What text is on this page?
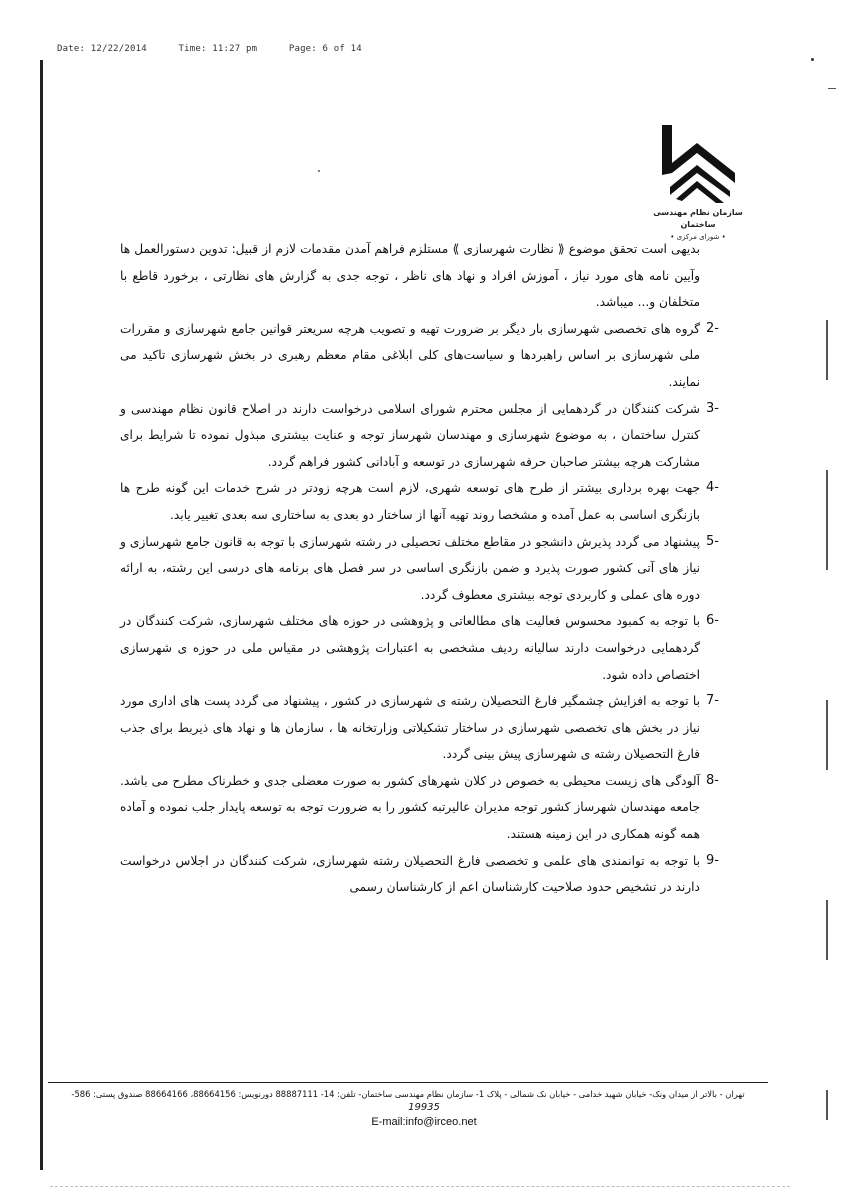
Date: 12/22/2014	Time: 11:27 pm	Page: 6 of 14
سازمان نظام مهندسی ساختمان
• شورای مرکزی •

بدیهی است تحقق موضوع ⟪ نظارت شهرسازی ⟫ مستلزم فراهم آمدن مقدمات لازم از قبیل: تدوین دستورالعمل ها وآیین نامه های مورد نیاز ، آموزش افراد و نهاد های ناظر ، توجه جدی به گزارش های نظارتی ، برخورد قاطع با متخلفان و... میباشد.

2-

گروه های تخصصی شهرسازی بار دیگر بر ضرورت تهیه و تصویب هرچه سریعتر قوانین جامع شهرسازی و مقررات ملی شهرسازی بر اساس راهبردها و سیاست‌های کلی ابلاغی مقام معظم رهبری در بخش شهرسازی تاکید می نمایند.

3-

شرکت کنندگان در گردهمایی از مجلس محترم شورای اسلامی درخواست دارند در اصلاح قانون نظام مهندسی و کنترل ساختمان ، به موضوع شهرسازی و مهندسان شهرساز توجه و عنایت بیشتری مبذول نموده تا شرایط برای مشارکت هرچه بیشتر صاحبان حرفه شهرسازی در توسعه و آبادانی کشور فراهم گردد.

4-

جهت بهره برداری بیشتر از طرح های توسعه شهری، لازم است هرچه زودتر در شرح خدمات این گونه طرح ها بازنگری اساسی به عمل آمده و مشخصا روند تهیه آنها از ساختار دو بعدی به ساختاری سه بعدی تغییر یابد.

5-

پیشنهاد می گردد پذیرش دانشجو در مقاطع مختلف تحصیلی در رشته شهرسازی با توجه به قانون جامع شهرسازی و نیاز های آتی کشور صورت پذیرد و ضمن بازنگری اساسی در سر فصل های برنامه های درسی این رشته، به ارائه دوره های عملی و کاربردی توجه بیشتری معطوف گردد.

6-

با توجه به کمبود محسوس فعالیت های مطالعاتی و پژوهشی در حوزه های مختلف شهرسازی، شرکت کنندگان در گردهمایی درخواست دارند سالیانه ردیف مشخصی به اعتبارات پژوهشی در مقیاس ملی در حوزه ی شهرسازی اختصاص داده شود.

7-

با توجه به افزایش چشمگیر فارغ التحصیلان رشته ی شهرسازی در کشور ، پیشنهاد می گردد پست های اداری مورد نیاز در بخش های تخصصی شهرسازی در ساختار تشکیلاتی وزارتخانه ها ، سازمان ها و نهاد های ذیربط برای جذب فارغ التحصیلان رشته ی شهرسازی پیش بینی گردد.

8-

آلودگی های زیست محیطی به خصوص در کلان شهرهای کشور به صورت معضلی جدی و خطرناک مطرح می باشد. جامعه مهندسان شهرساز کشور توجه مدیران عالیرتبه کشور را به ضرورت توجه به توسعه پایدار جلب نموده و آماده همه گونه همکاری در این زمینه هستند.

9-

با توجه به توانمندی های علمی و تخصصی فارغ التحصیلان رشته شهرسازی، شرکت کنندگان در اجلاس درخواست دارند در تشخیص حدود صلاحیت کارشناسان اعم از کارشناسان رسمی

تهران - بالاتر از میدان ونک- خیابان شهید خدامی - خیابان نک شمالی - پلاک 1- سازمان نظام مهندسی ساختمان- تلفن: 14- 88887111 دورنویس: 88664156، 88664166 صندوق پستی: 586-
19935
E-mail:info@irceo.net
